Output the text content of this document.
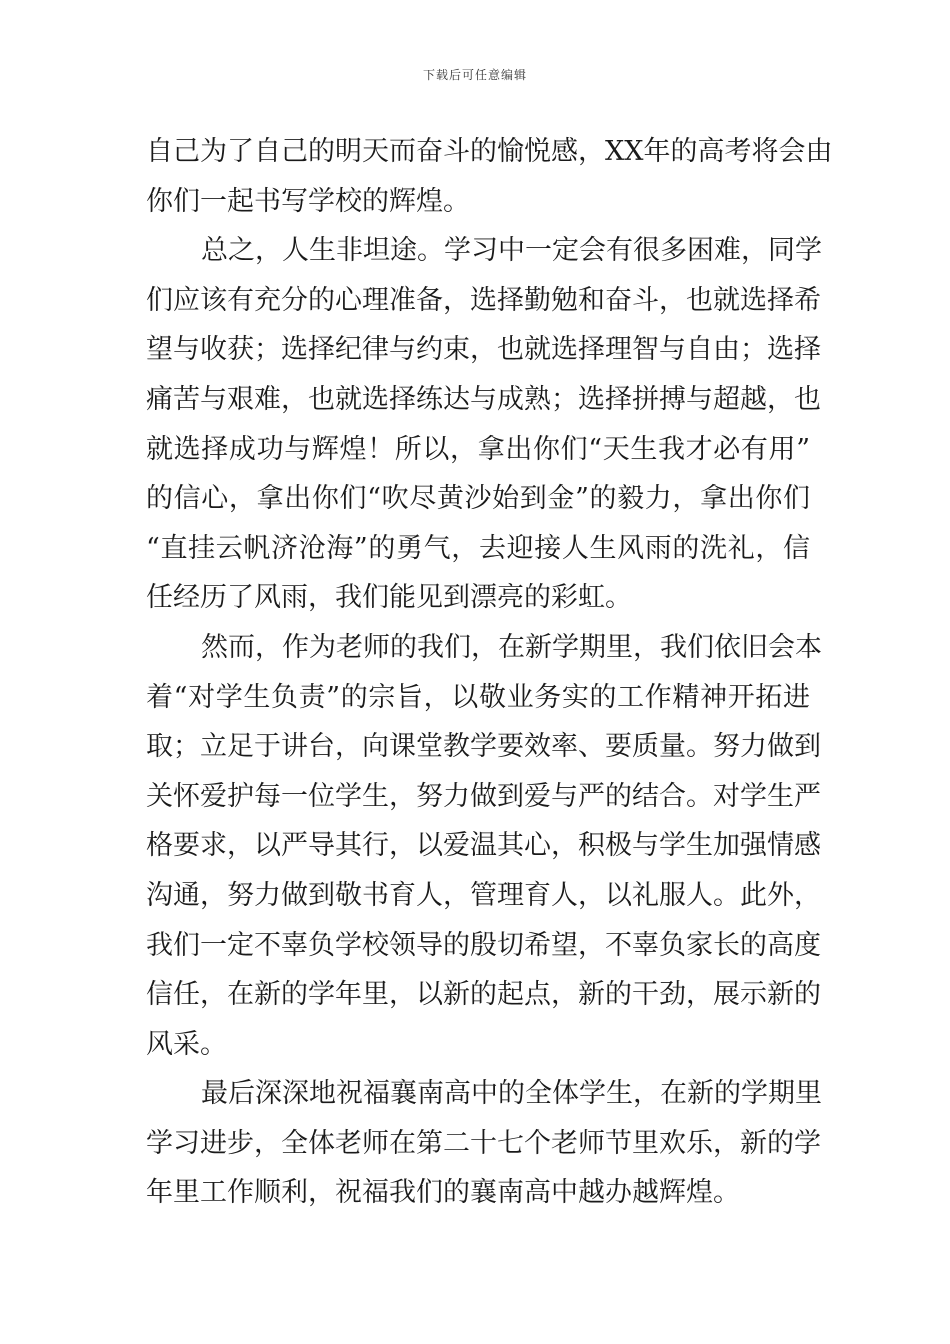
下载后可任意编辑
自己为了自己的明天而奋斗的愉悦感，XX年的高考将会由
你们一起书写学校的辉煌。
总之，人生非坦途。学习中一定会有很多困难，同学
们应该有充分的心理准备，选择勤勉和奋斗，也就选择希
望与收获；选择纪律与约束，也就选择理智与自由；选择
痛苦与艰难，也就选择练达与成熟；选择拼搏与超越，也
就选择成功与辉煌！所以，拿出你们“天生我才必有用”
的信心，拿出你们“吹尽黄沙始到金”的毅力，拿出你们
“直挂云帆济沧海”的勇气，去迎接人生风雨的洗礼，信
任经历了风雨，我们能见到漂亮的彩虹。
然而，作为老师的我们，在新学期里，我们依旧会本
着“对学生负责”的宗旨，以敬业务实的工作精神开拓进
取；立足于讲台，向课堂教学要效率、要质量。努力做到
关怀爱护每一位学生，努力做到爱与严的结合。对学生严
格要求，以严导其行，以爱温其心，积极与学生加强情感
沟通，努力做到敬书育人，管理育人，以礼服人。此外，
我们一定不辜负学校领导的殷切希望，不辜负家长的高度
信任，在新的学年里，以新的起点，新的干劲，展示新的
风采。
最后深深地祝福襄南高中的全体学生，在新的学期里
学习进步，全体老师在第二十七个老师节里欢乐，新的学
年里工作顺利，祝福我们的襄南高中越办越辉煌。
